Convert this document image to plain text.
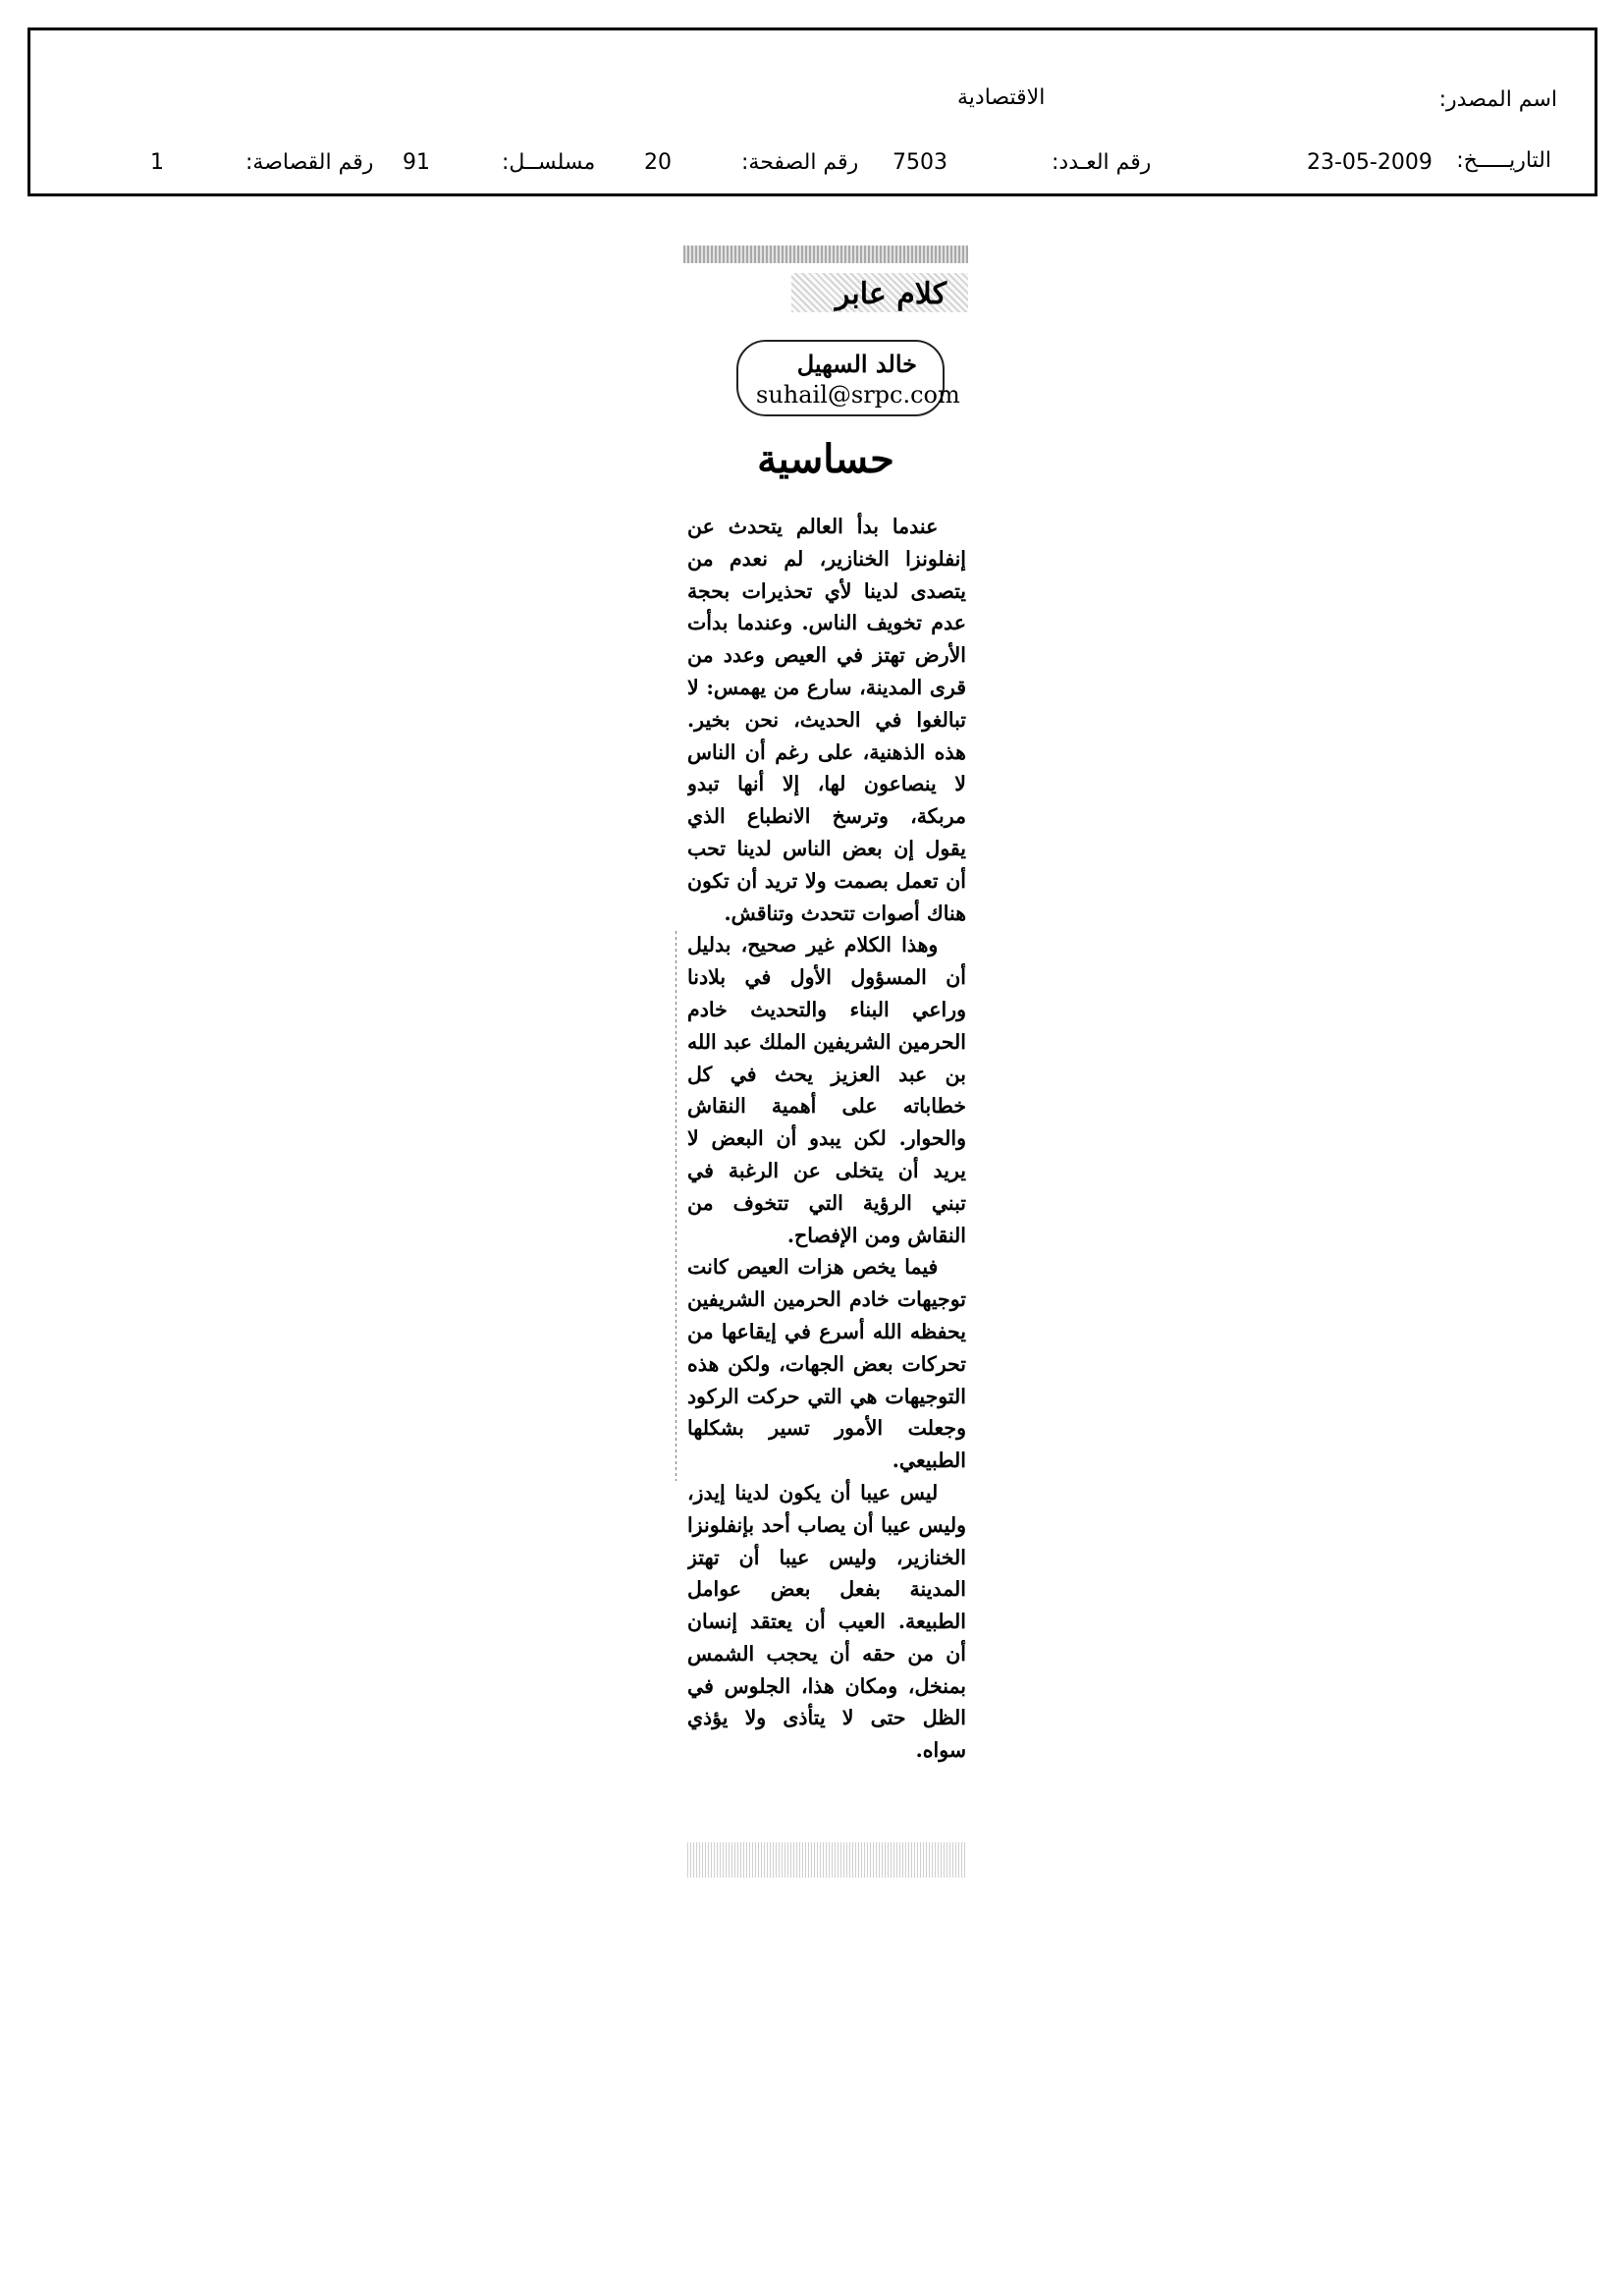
اسم المصدر:
الاقتصادية
التاريـــــخ:
23-05-2009
رقم العـدد:
7503
رقم الصفحة:
20
مسلســل:
91
رقم القصاصة:
1
كلام عابر
خالد السهيل
suhail@srpc.com
حساسية

عندما بدأ العالم يتحدث عن إنفلونزا الخنازير، لم نعدم من يتصدى لدينا لأي تحذيرات بحجة عدم تخويف الناس. وعندما بدأت الأرض تهتز في العيص وعدد من قرى المدينة، سارع من يهمس: لا تبالغوا في الحديث، نحن بخير. هذه الذهنية، على رغم أن الناس لا ينصاعون لها، إلا أنها تبدو مربكة، وترسخ الانطباع الذي يقول إن بعض الناس لدينا تحب أن تعمل بصمت ولا تريد أن تكون هناك أصوات تتحدث وتناقش.

وهذا الكلام غير صحيح، بدليل أن المسؤول الأول في بلادنا وراعي البناء والتحديث خادم الحرمين الشريفين الملك عبد الله بن عبد العزيز يحث في كل خطاباته على أهمية النقاش والحوار. لكن يبدو أن البعض لا يريد أن يتخلى عن الرغبة في تبني الرؤية التي تتخوف من النقاش ومن الإفصاح.

فيما يخص هزات العيص كانت توجيهات خادم الحرمين الشريفين يحفظه الله أسرع في إيقاعها من تحركات بعض الجهات، ولكن هذه التوجيهات هي التي حركت الركود وجعلت الأمور تسير بشكلها الطبيعي.

ليس عيبا أن يكون لدينا إيدز، وليس عيبا أن يصاب أحد بإنفلونزا الخنازير، وليس عيبا أن تهتز المدينة بفعل بعض عوامل الطبيعة. العيب أن يعتقد إنسان أن من حقه أن يحجب الشمس بمنخل، ومكان هذا، الجلوس في الظل حتى لا يتأذى ولا يؤذي سواه.
